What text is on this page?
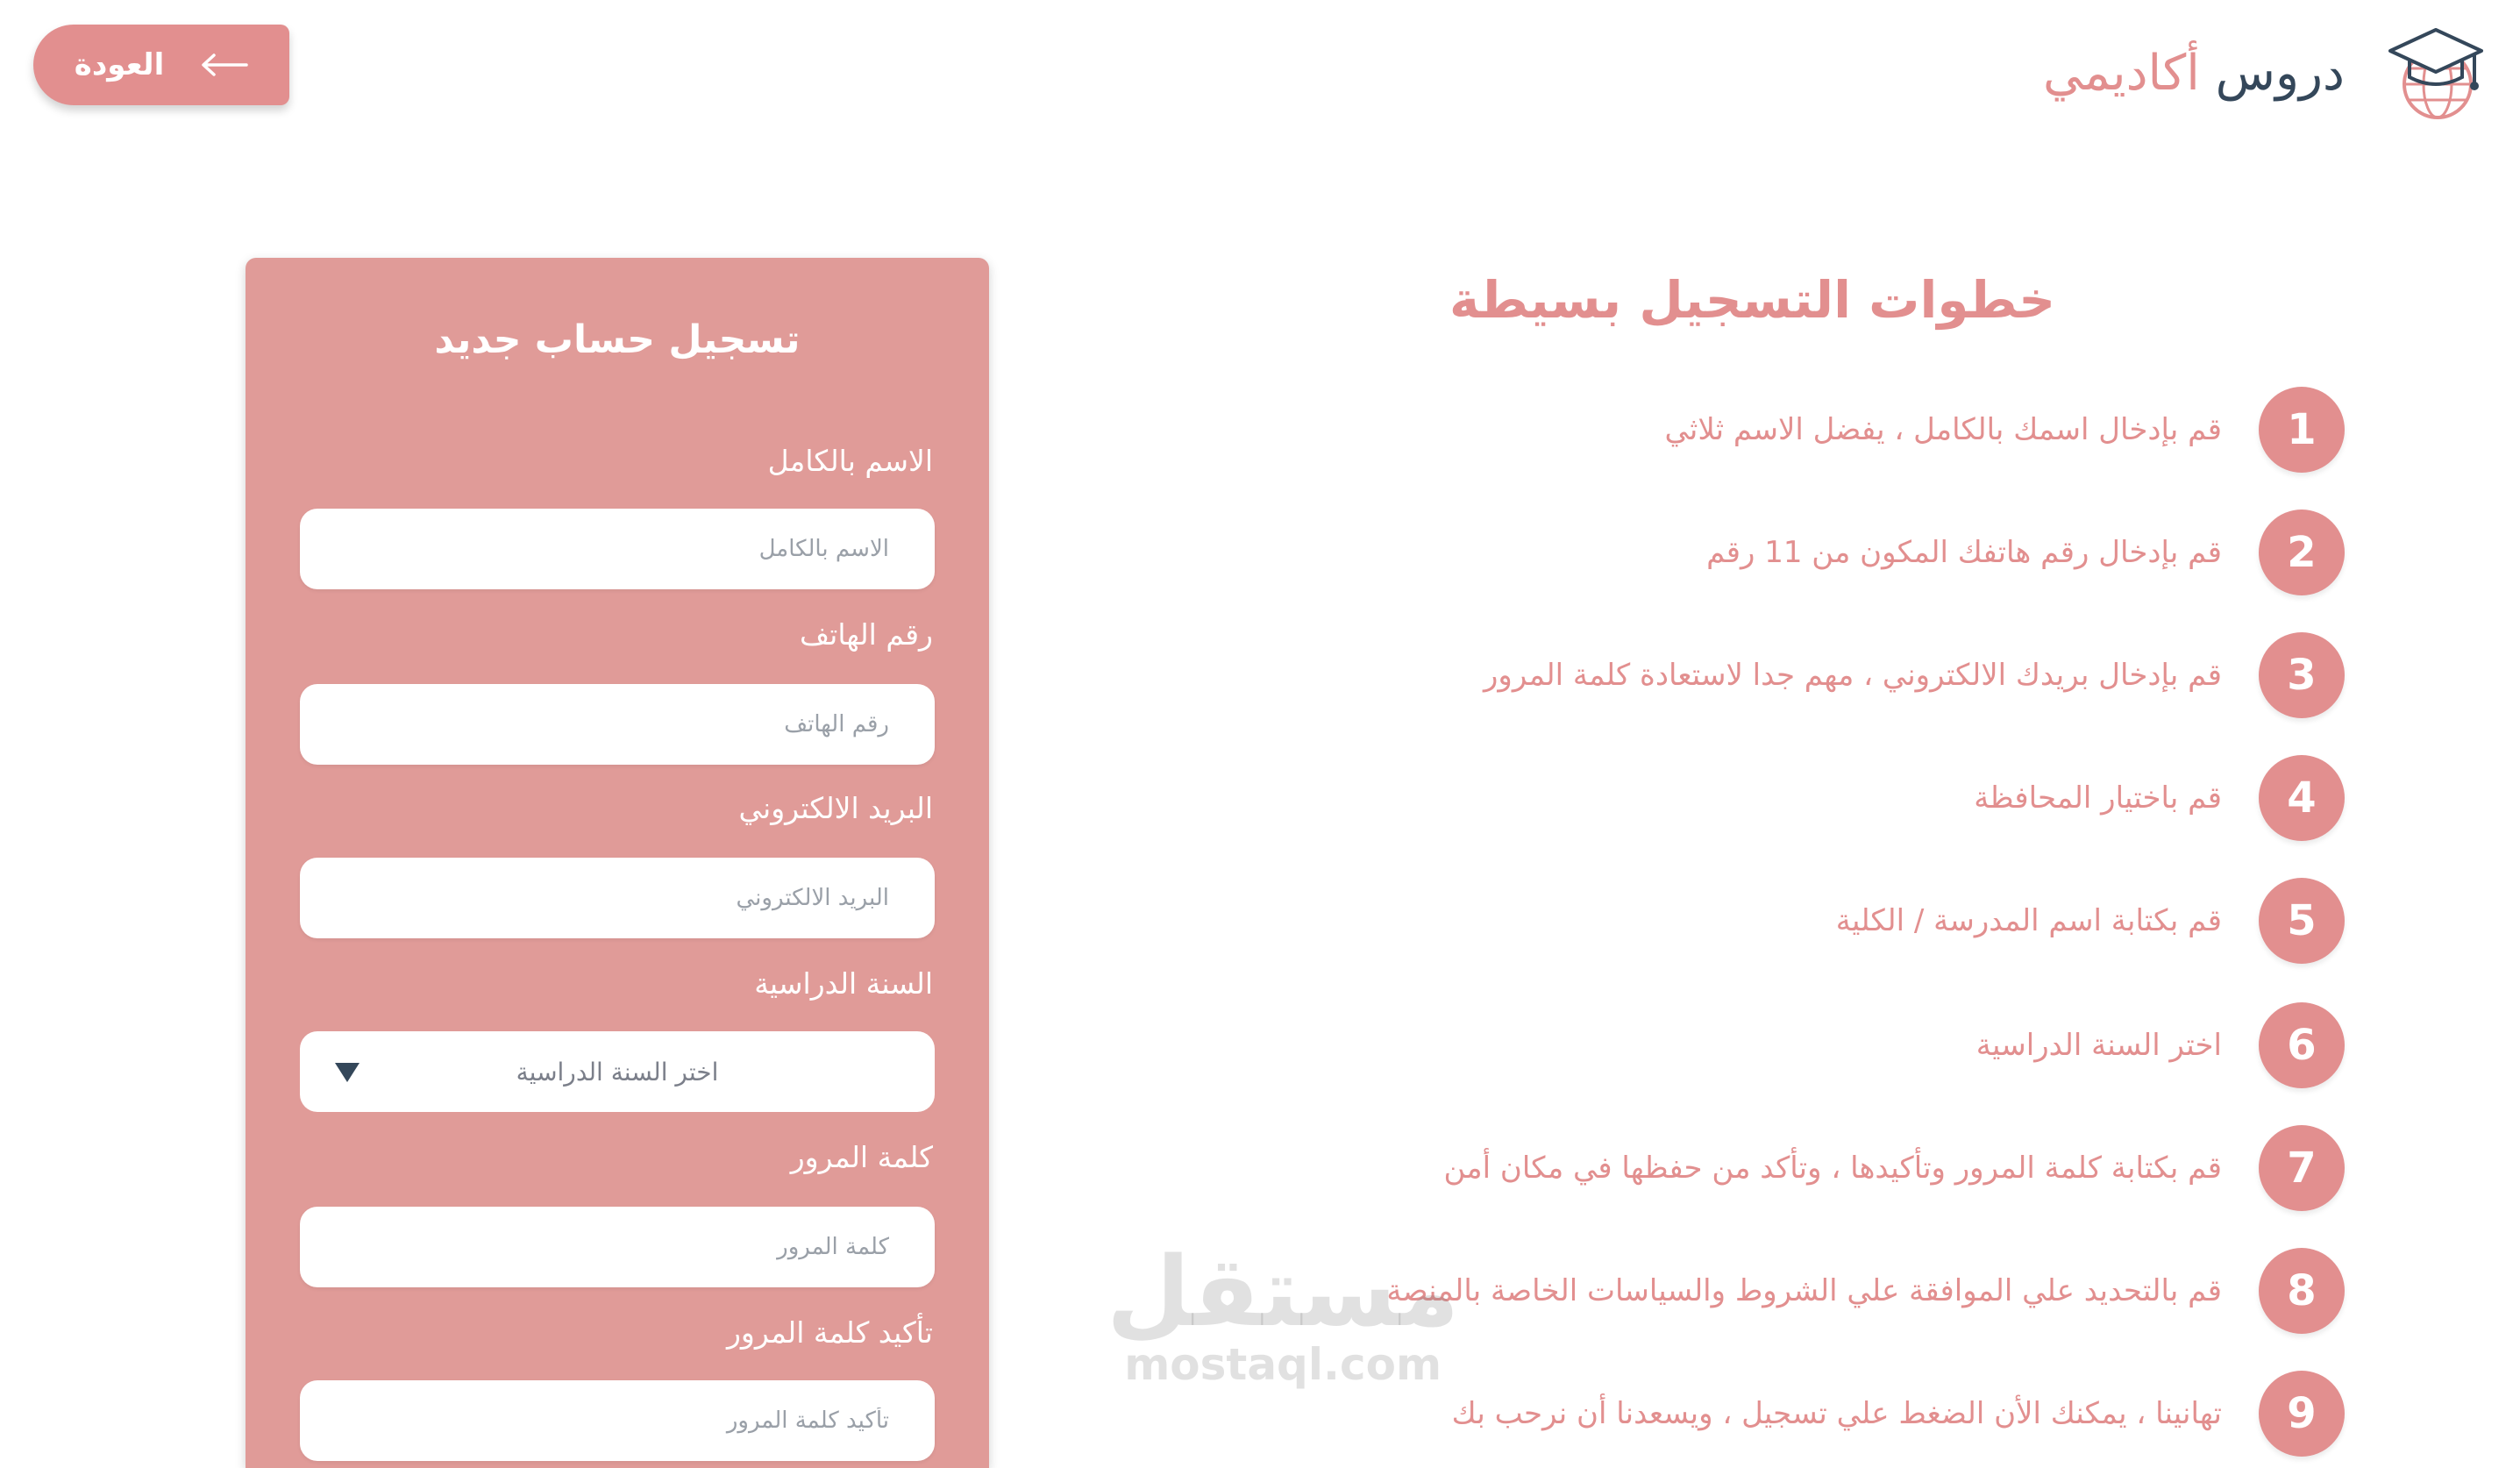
دروس أكاديمي
العودة
تسجيل حساب جديد
الاسم بالكامل
الاسم بالكامل
رقم الهاتف
رقم الهاتف
البريد الالكتروني
البريد الالكتروني
السنة الدراسية
اختر السنة الدراسية
كلمة المرور
كلمة المرور
تأكيد كلمة المرور
تأكيد كلمة المرور
خطوات التسجيل بسيطة
1
قم بإدخال اسمك بالكامل ، يفضل الاسم ثلاثي
2
قم بإدخال رقم هاتفك المكون من 11 رقم
3
قم بإدخال بريدك الالكتروني ، مهم جدا لاستعادة كلمة المرور
4
قم باختيار المحافظة
5
قم بكتابة اسم المدرسة / الكلية
6
اختر السنة الدراسية
7
قم بكتابة كلمة المرور وتأكيدها ، وتأكد من حفظها في مكان أمن
8
قم بالتحديد علي الموافقة علي الشروط والسياسات الخاصة بالمنصة
9
تهانينا ، يمكنك الأن الضغط علي تسجيل ، ويسعدنا أن نرحب بك
مستقل
mostaql.com
